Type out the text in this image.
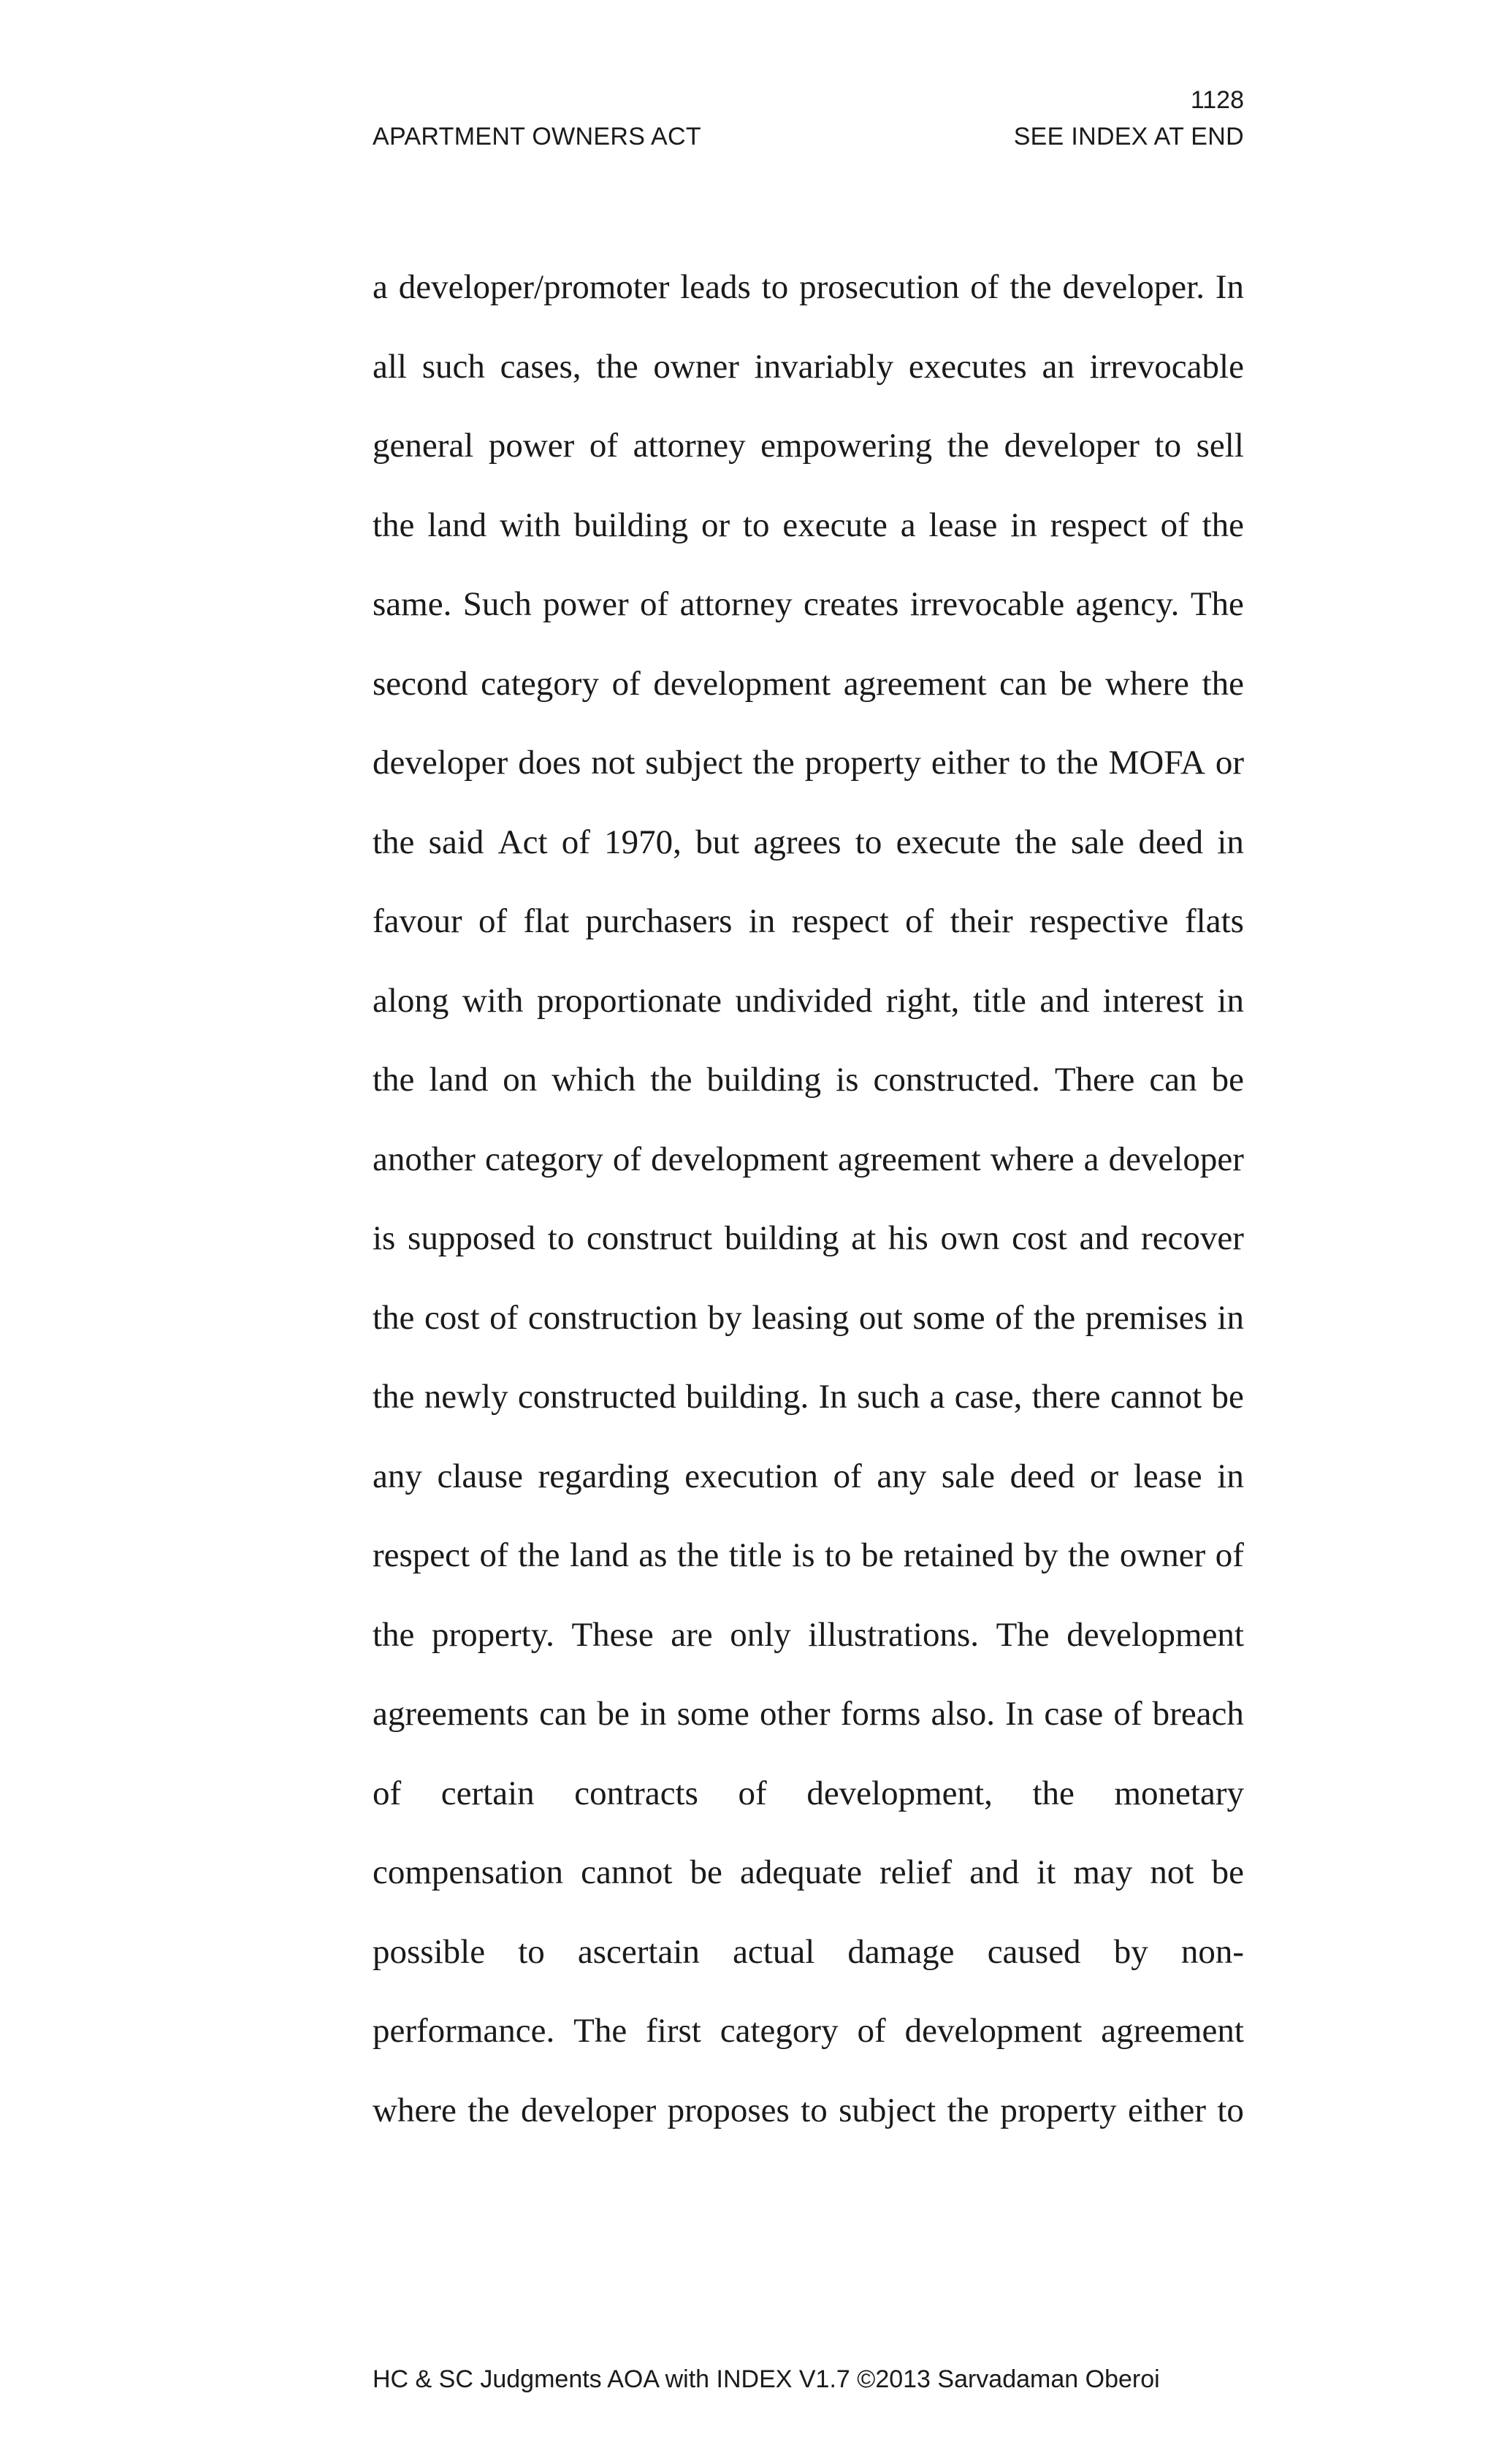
1128
APARTMENT OWNERS ACT	SEE INDEX AT END
a developer/promoter leads to prosecution of the developer. In
all such cases, the owner invariably executes an irrevocable
general power of attorney empowering the developer to sell
the land with building or to execute a lease in respect of the
same. Such power of attorney creates irrevocable agency. The
second category of development agreement can be where the
developer does not subject the property either to the MOFA or
the said Act of 1970, but agrees to execute the sale deed in
favour of flat purchasers in respect of their respective flats
along with proportionate undivided right, title and interest in
the land on which the building is constructed. There can be
another category of development agreement where a developer
is supposed to construct building at his own cost and recover
the cost of construction by leasing out some of the premises in
the newly constructed building. In such a case, there cannot be
any clause regarding execution of any sale deed or lease in
respect of the land as the title is to be retained by the owner of
the property. These are only illustrations. The development
agreements can be in some other forms also. In case of breach
of certain contracts of development, the monetary
compensation cannot be adequate relief and it may not be
possible to ascertain actual damage caused by non-
performance. The first category of development agreement
where the developer proposes to subject the property either to
HC & SC Judgments AOA with INDEX V1.7 ©2013 Sarvadaman Oberoi
